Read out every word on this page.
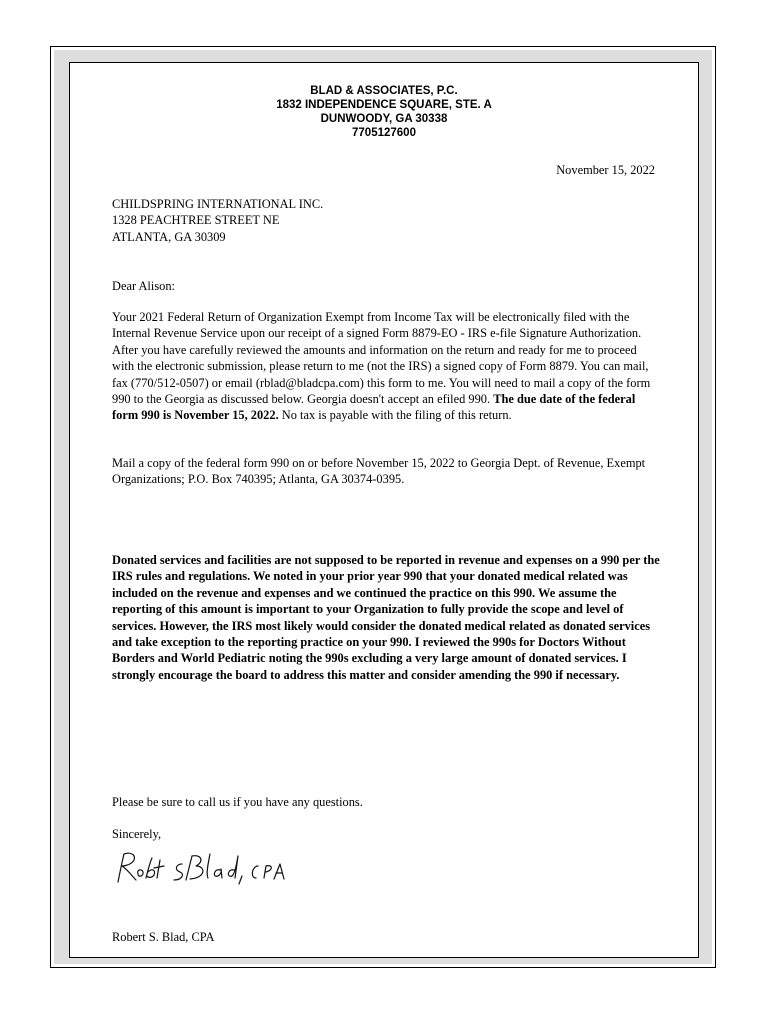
BLAD & ASSOCIATES, P.C.
1832 INDEPENDENCE SQUARE, STE. A
DUNWOODY, GA 30338
7705127600
November 15, 2022
CHILDSPRING INTERNATIONAL INC.
1328 PEACHTREE STREET NE
ATLANTA, GA 30309
Dear Alison:

Your 2021 Federal Return of Organization Exempt from Income Tax will be electronically filed with the Internal Revenue Service upon our receipt of a signed Form 8879-EO - IRS e-file Signature Authorization. After you have carefully reviewed the amounts and information on the return and ready for me to proceed with the electronic submission, please return to me (not the IRS) a signed copy of Form 8879. You can mail, fax (770/512-0507) or email (rblad@bladcpa.com) this form to me. You will need to mail a copy of the form 990 to the Georgia as discussed below. Georgia doesn't accept an efiled 990. The due date of the federal form 990 is November 15, 2022. No tax is payable with the filing of this return.

Mail a copy of the federal form 990 on or before November 15, 2022 to Georgia Dept. of Revenue, Exempt Organizations; P.O. Box 740395; Atlanta, GA 30374-0395.

Donated services and facilities are not supposed to be reported in revenue and expenses on a 990 per the IRS rules and regulations. We noted in your prior year 990 that your donated medical related was included on the revenue and expenses and we continued the practice on this 990. We assume the reporting of this amount is important to your Organization to fully provide the scope and level of services. However, the IRS most likely would consider the donated medical related as donated services and take exception to the reporting practice on your 990. I reviewed the 990s for Doctors Without Borders and World Pediatric noting the 990s excluding a very large amount of donated services. I strongly encourage the board to address this matter and consider amending the 990 if necessary.

Please be sure to call us if you have any questions.
Sincerely,
Robert S. Blad, CPA
